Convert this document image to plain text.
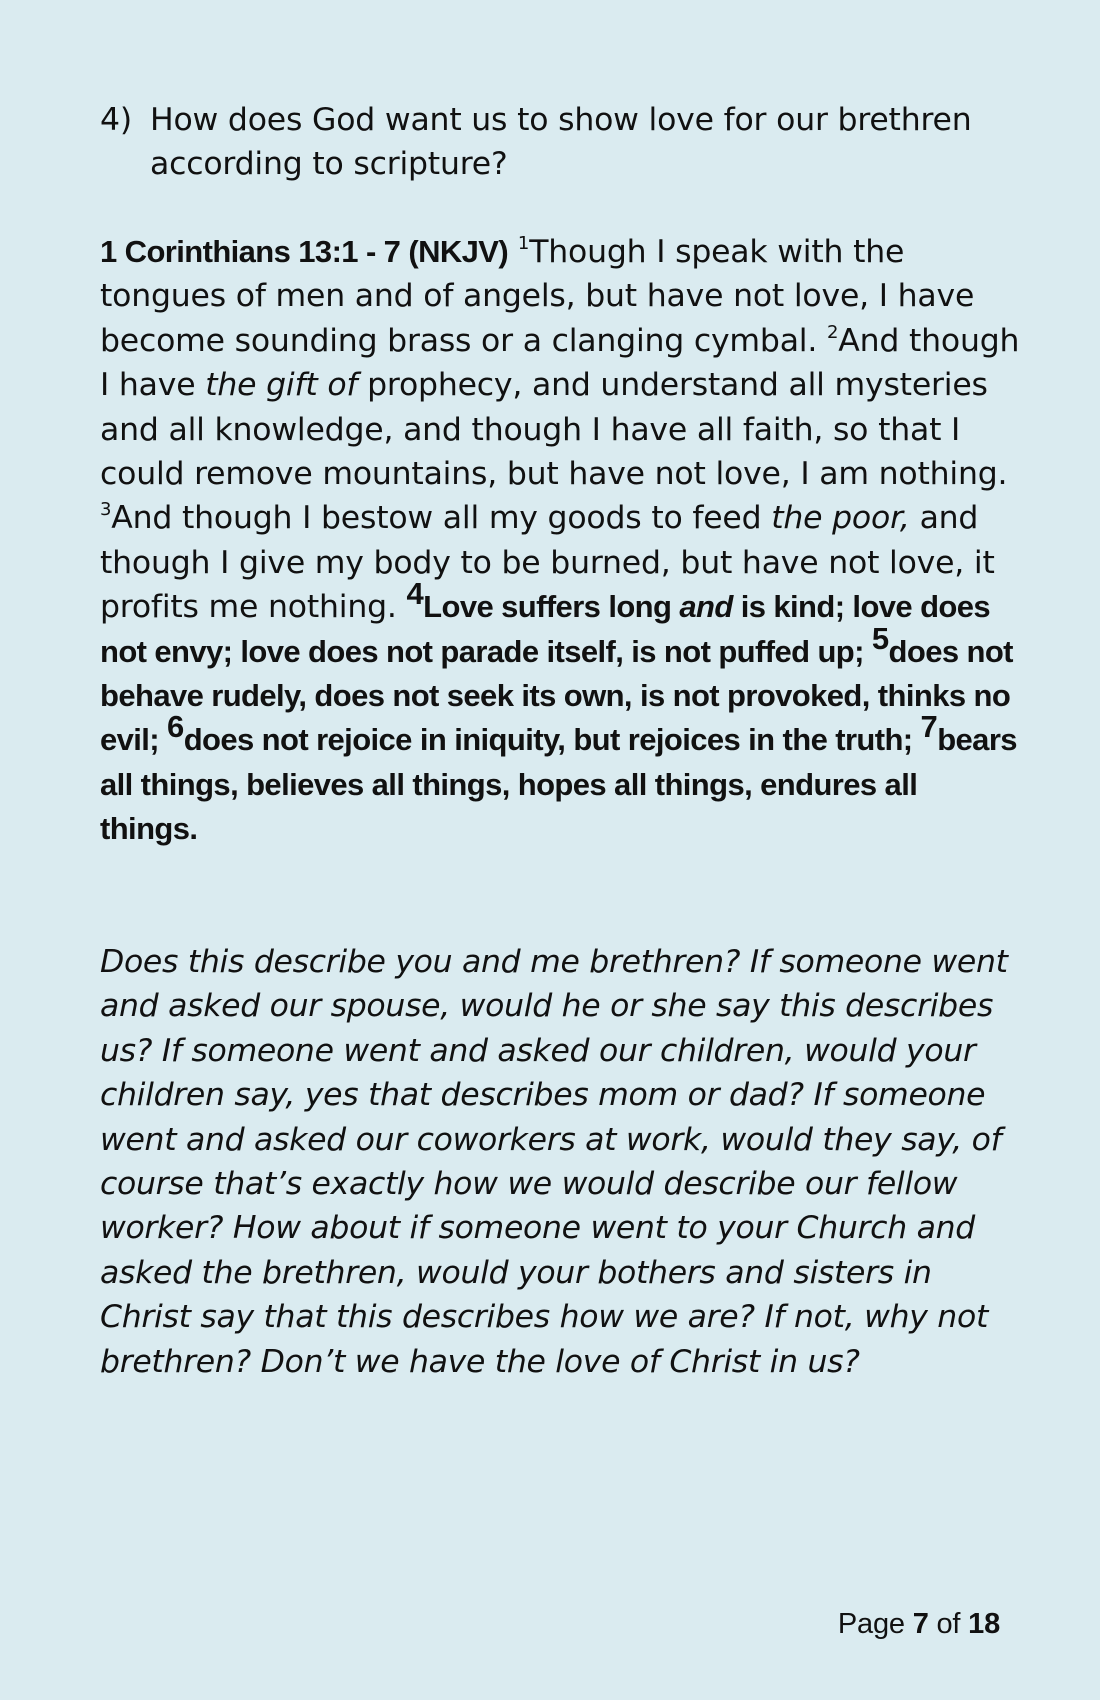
4) How does God want us to show love for our brethren according to scripture?
1 Corinthians 13:1 - 7 (NKJV) $^1$Though I speak with the tongues of men and of angels, but have not love, I have become sounding brass or a clanging cymbal. $^2$And though I have the gift of prophecy, and understand all mysteries and all knowledge, and though I have all faith, so that I could remove mountains, but have not love, I am nothing. $^3$And though I bestow all my goods to feed the poor, and though I give my body to be burned, but have not love, it profits me nothing. $^4$Love suffers long and is kind; love does not envy; love does not parade itself, is not puffed up; $^5$does not behave rudely, does not seek its own, is not provoked, thinks no evil; $^6$does not rejoice in iniquity, but rejoices in the truth; $^7$bears all things, believes all things, hopes all things, endures all things.
Does this describe you and me brethren? If someone went and asked our spouse, would he or she say this describes us? If someone went and asked our children, would your children say, yes that describes mom or dad? If someone went and asked our coworkers at work, would they say, of course that’s exactly how we would describe our fellow worker? How about if someone went to your Church and asked the brethren, would your bothers and sisters in Christ say that this describes how we are? If not, why not brethren? Don’t we have the love of Christ in us?
Page 7 of 18
